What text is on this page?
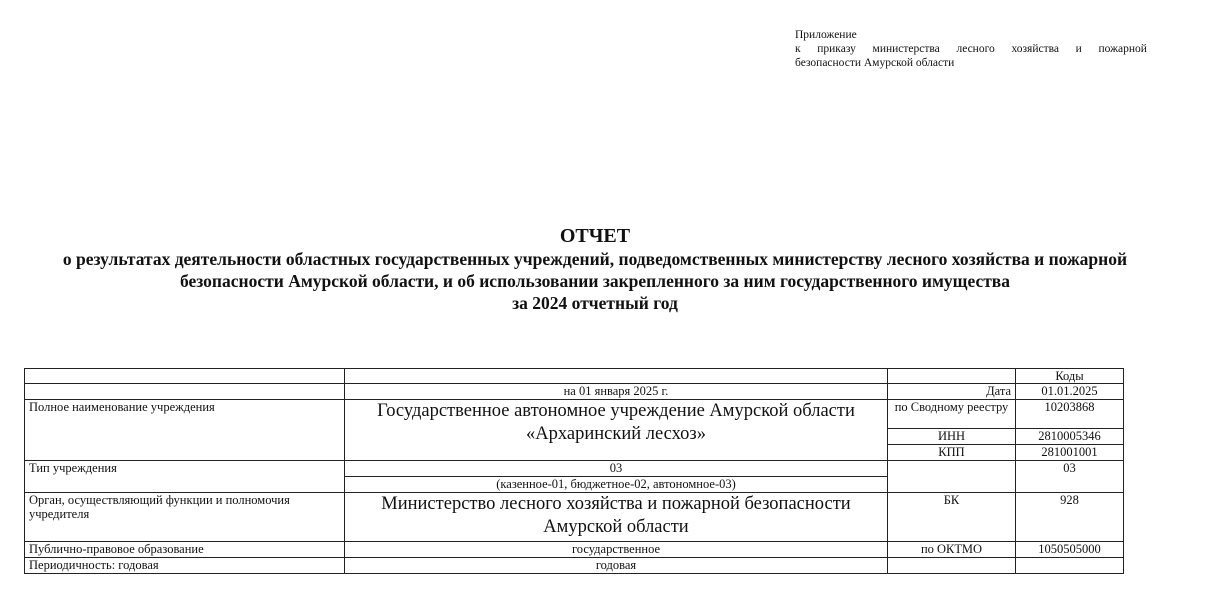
Приложение
к приказу министерства лесного хозяйства и пожарной
безопасности Амурской области
ОТЧЕТ
о результатах деятельности областных государственных учреждений, подведомственных министерству лесного хозяйства и пожарной безопасности Амурской области, и об использовании закрепленного за ним государственного имущества
за 2024 отчетный год
			Коды
	на 01 января 2025 г.	Дата	01.01.2025
Полное наименование учреждения	Государственное автономное учреждение Амурской области «Архаринский лесхоз»	по Сводному реестру	10203868
		ИНН	2810005346
		КПП	281001001
Тип учреждения	03		03
	(казенное-01, бюджетное-02, автономное-03)		
Орган, осуществляющий функции и полномочия учредителя	Министерство лесного хозяйства и пожарной безопасности Амурской области	БК	928
Публично-правовое образование	государственное	по ОКТМО	1050505000
Периодичность: годовая	годовая		
